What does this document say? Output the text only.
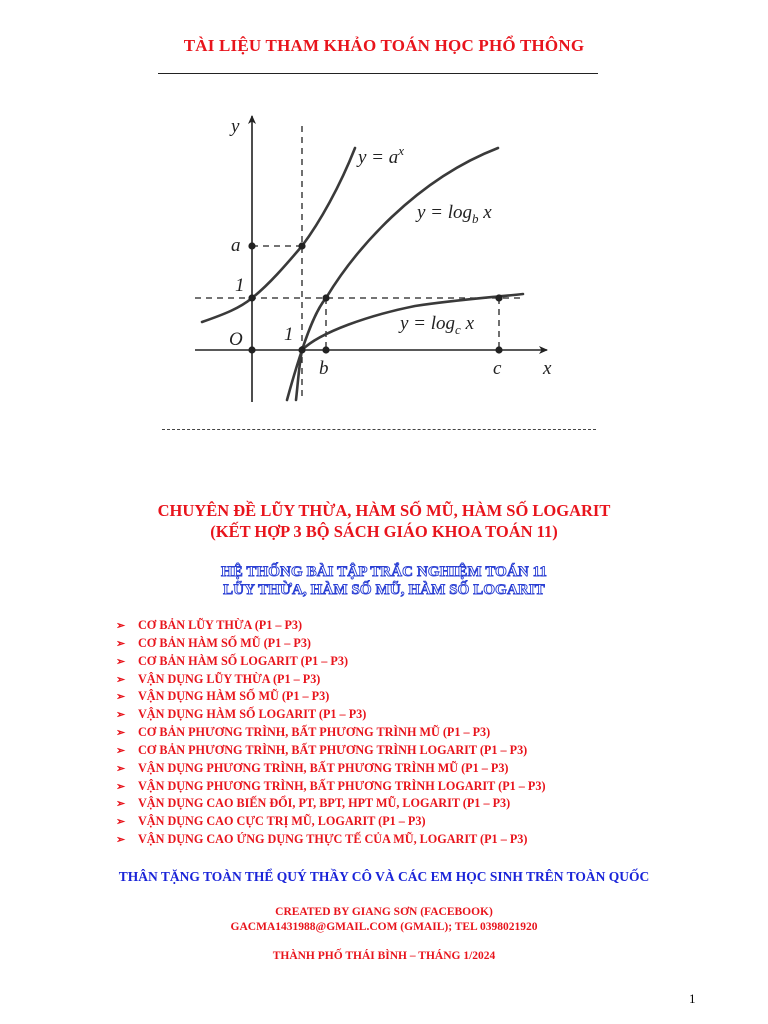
TÀI LIỆU THAM KHẢO TOÁN HỌC PHỔ THÔNG
y
x
O
a
1
1
b	c
$y = a^x$
$y = \log_b x$
$y = \log_c x$
CHUYÊN ĐỀ LŨY THỪA, HÀM SỐ MŨ, HÀM SỐ LOGARIT
(KẾT HỢP 3 BỘ SÁCH GIÁO KHOA TOÁN 11)
HỆ THỐNG BÀI TẬP TRẮC NGHIỆM TOÁN 11
LŨY THỪA, HÀM SỐ MŨ, HÀM SỐ LOGARIT
➢ CƠ BẢN LŨY THỪA (P1 – P3)
➢ CƠ BẢN HÀM SỐ MŨ (P1 – P3)
➢ CƠ BẢN HÀM SỐ LOGARIT (P1 – P3)
➢ VẬN DỤNG LŨY THỪA (P1 – P3)
➢ VẬN DỤNG HÀM SỐ MŨ (P1 – P3)
➢ VẬN DỤNG HÀM SỐ LOGARIT (P1 – P3)
➢ CƠ BẢN PHƯƠNG TRÌNH, BẤT PHƯƠNG TRÌNH MŨ (P1 – P3)
➢ CƠ BẢN PHƯƠNG TRÌNH, BẤT PHƯƠNG TRÌNH LOGARIT (P1 – P3)
➢ VẬN DỤNG PHƯƠNG TRÌNH, BẤT PHƯƠNG TRÌNH MŨ (P1 – P3)
➢ VẬN DỤNG PHƯƠNG TRÌNH, BẤT PHƯƠNG TRÌNH LOGARIT (P1 – P3)
➢ VẬN DỤNG CAO BIẾN ĐỔI, PT, BPT, HPT MŨ, LOGARIT (P1 – P3)
➢ VẬN DỤNG CAO CỰC TRỊ MŨ, LOGARIT (P1 – P3)
➢ VẬN DỤNG CAO ỨNG DỤNG THỰC TẾ CỦA MŨ, LOGARIT (P1 – P3)
THÂN TẶNG TOÀN THỂ QUÝ THẦY CÔ VÀ CÁC EM HỌC SINH TRÊN TOÀN QUỐC
CREATED BY GIANG SƠN (FACEBOOK)
GACMA1431988@GMAIL.COM (GMAIL); TEL 0398021920
THÀNH PHỐ THÁI BÌNH – THÁNG 1/2024
1
